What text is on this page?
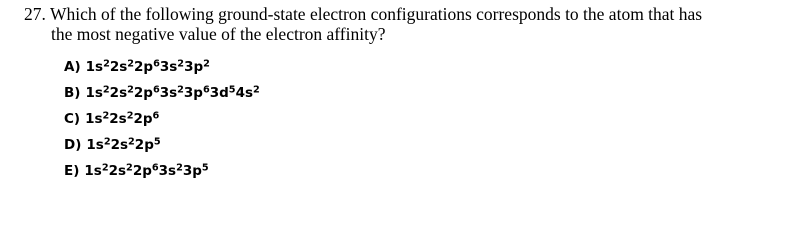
27. Which of the following ground-state electron configurations corresponds to the atom that has
the most negative value of the electron affinity?
A) $1s^22s^22p^63s^23p^2$
B) $1s^22s^22p^63s^23p^63d^54s^2$
C) $1s^22s^22p^6$
D) $1s^22s^22p^5$
E) $1s^22s^22p^63s^23p^5$
